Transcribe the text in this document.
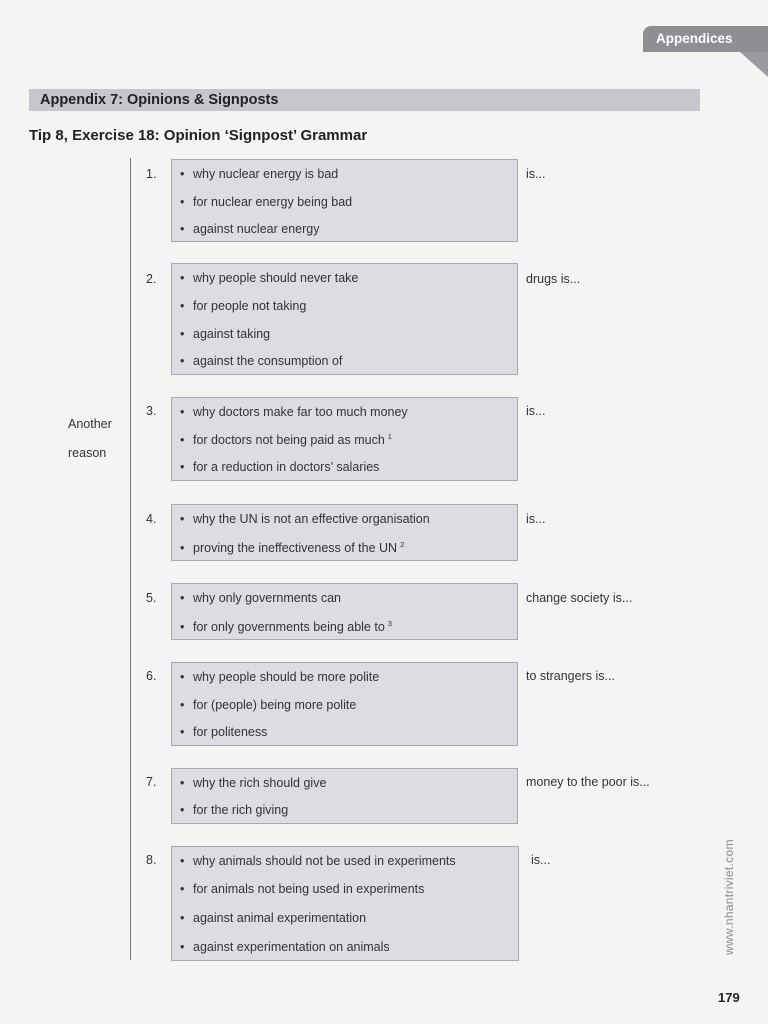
Appendices
Appendix 7: Opinions & Signposts
Tip 8, Exercise 18: Opinion ‘Signpost’ Grammar
Another
reason
1. • why nuclear energy is bad
• for nuclear energy being bad
• against nuclear energy
is...
2. • why people should never take
• for people not taking
• against taking
• against the consumption of
drugs is...
3. • why doctors make far too much money
• for doctors not being paid as much $^1$
• for a reduction in doctors’ salaries
is...
4. • why the UN is not an effective organisation
• proving the ineffectiveness of the UN $^2$
is...
5. • why only governments can
• for only governments being able to $^3$
change society is...
6. • why people should be more polite
• for (people) being more polite
• for politeness
to strangers is...
7. • why the rich should give
• for the rich giving
money to the poor is...
8. • why animals should not be used in experiments
• for animals not being used in experiments
• against animal experimentation
• against experimentation on animals
is...	www.nhantriviet.com
179
